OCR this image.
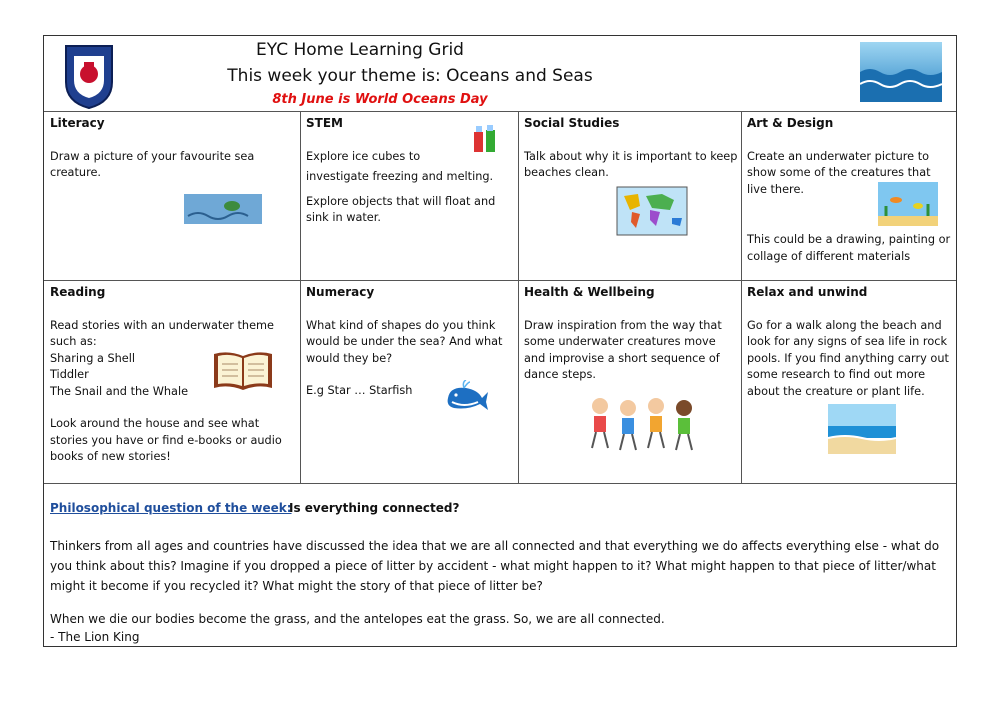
EYC Home Learning Grid
This week your theme is: Oceans and Seas
8th June is World Oceans Day
Literacy

Draw a picture of your favourite sea creature.

STEM

Explore ice cubes to

investigate freezing and melting.

Explore objects that will float and sink in water.

Social Studies

Talk about why it is important to keep beaches clean.

Art & Design

Create an underwater picture to show some of the creatures that live there.

This could be a drawing, painting or collage of different materials

Reading

Read stories with an underwater theme such as:

Sharing a Shell

Tiddler

The Snail and the Whale

Look around the house and see what stories you have or find e-books or audio books of new stories!

Numeracy

What kind of shapes do you think would be under the sea? And what would they be?

E.g Star … Starfish

Health & Wellbeing

Draw inspiration from the way that some underwater creatures move and improvise a short sequence of dance steps.

Relax and unwind

Go for a walk along the beach and look for any signs of sea life in rock pools. If you find anything carry out some research to find out more about the creature or plant life.

Philosophical question of the week:
Is everything connected?
Thinkers from all ages and countries have discussed the idea that we are all connected and that everything we do affects everything else - what do you think about this? Imagine if you dropped a piece of litter by accident - what might happen to it? What might happen to that piece of litter/what might it become if you recycled it? What might the story of that piece of litter be?
When we die our bodies become the grass, and the antelopes eat the grass. So, we are all connected.
- The Lion King
